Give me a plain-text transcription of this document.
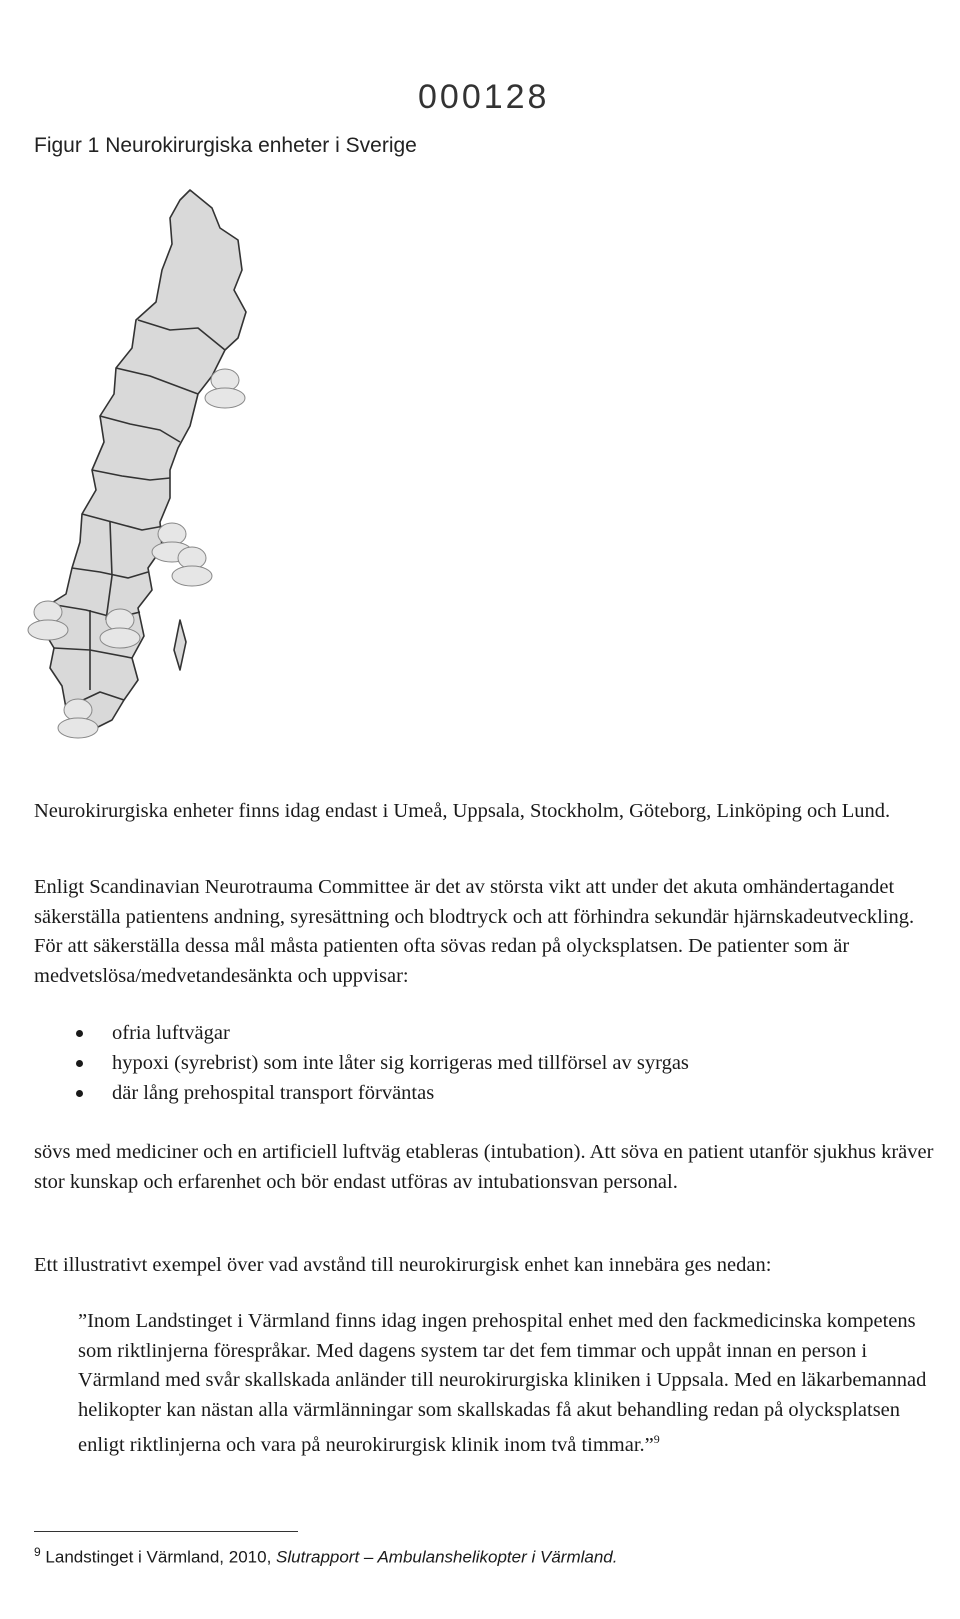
000128
Figur 1 Neurokirurgiska enheter i Sverige
Neurokirurgiska enheter finns idag endast i Umeå, Uppsala, Stockholm, Göteborg, Linköping och Lund.
Enligt Scandinavian Neurotrauma Committee är det av största vikt att under det akuta omhändertagandet säkerställa patientens andning, syresättning och blodtryck och att förhindra sekundär hjärnskadeutveckling. För att säkerställa dessa mål måsta patienten ofta sövas redan på olycksplatsen. De patienter som är medvetslösa/medvetandesänkta och uppvisar:
ofria luftvägar
hypoxi (syrebrist) som inte låter sig korrigeras med tillförsel av syrgas
där lång prehospital transport förväntas
sövs med mediciner och en artificiell luftväg etableras (intubation). Att söva en patient utanför sjukhus kräver stor kunskap och erfarenhet och bör endast utföras av intubationsvan personal.
Ett illustrativt exempel över vad avstånd till neurokirurgisk enhet kan innebära ges nedan:
”Inom Landstinget i Värmland finns idag ingen prehospital enhet med den fackmedicinska kompetens som riktlinjerna förespråkar. Med dagens system tar det fem timmar och uppåt innan en person i Värmland med svår skallskada anländer till neurokirurgiska kliniken i Uppsala. Med en läkarbemannad helikopter kan nästan alla värmlänningar som skallskadas få akut behandling redan på olycksplatsen enligt riktlinjerna och vara på neurokirurgisk klinik inom två timmar.”$^9$
$^9$ Landstinget i Värmland, 2010, Slutrapport – Ambulanshelikopter i Värmland.
